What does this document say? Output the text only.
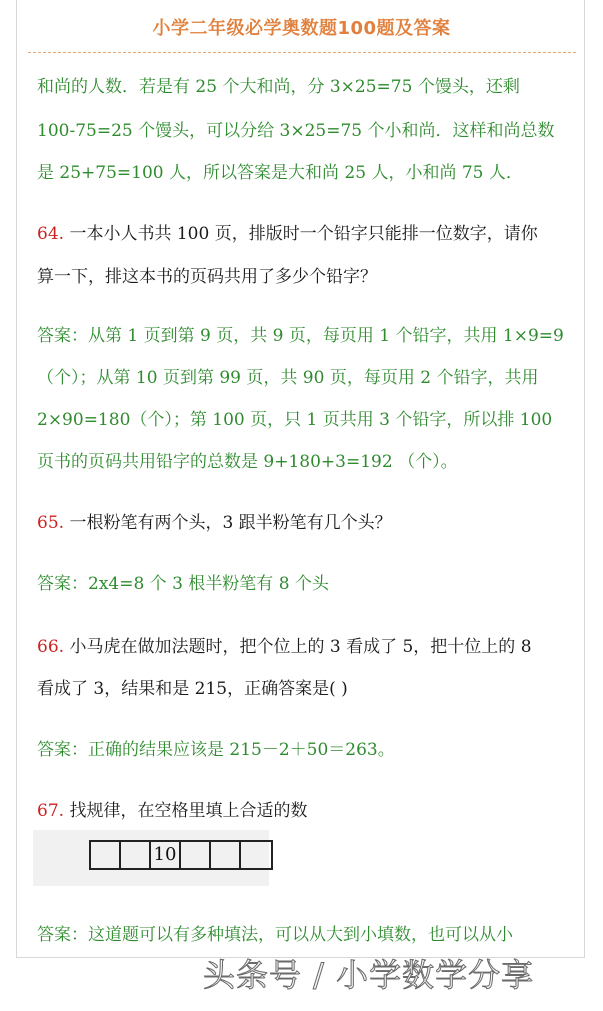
小学二年级必学奥数题100题及答案
和尚的人数．若是有 25 个大和尚，分 3×25=75 个馒头，还剩
100-75=25 个馒头，可以分给 3×25=75 个小和尚．这样和尚总数
是 25+75=100 人，所以答案是大和尚 25 人，小和尚 75 人．
64. 一本小人书共 100 页，排版时一个铅字只能排一位数字，请你
算一下，排这本书的页码共用了多少个铅字？
答案：从第 1 页到第 9 页，共 9 页，每页用 1 个铅字，共用 1×9=9
（个）；从第 10 页到第 99 页，共 90 页，每页用 2 个铅字，共用
2×90=180（个）；第 100 页，只 1 页共用 3 个铅字，所以排 100
页书的页码共用铅字的总数是 9+180+3=192 （个）。
65. 一根粉笔有两个头，3 跟半粉笔有几个头？
答案：2x4=8 个 3 根半粉笔有 8 个头
66. 小马虎在做加法题时，把个位上的 3 看成了 5，把十位上的 8
看成了 3，结果和是 215，正确答案是( )
答案：正确的结果应该是 215－2＋50＝263。
67. 找规律，在空格里填上合适的数
10
答案：这道题可以有多种填法，可以从大到小填数，也可以从小
头条号 / 小学数学分享
